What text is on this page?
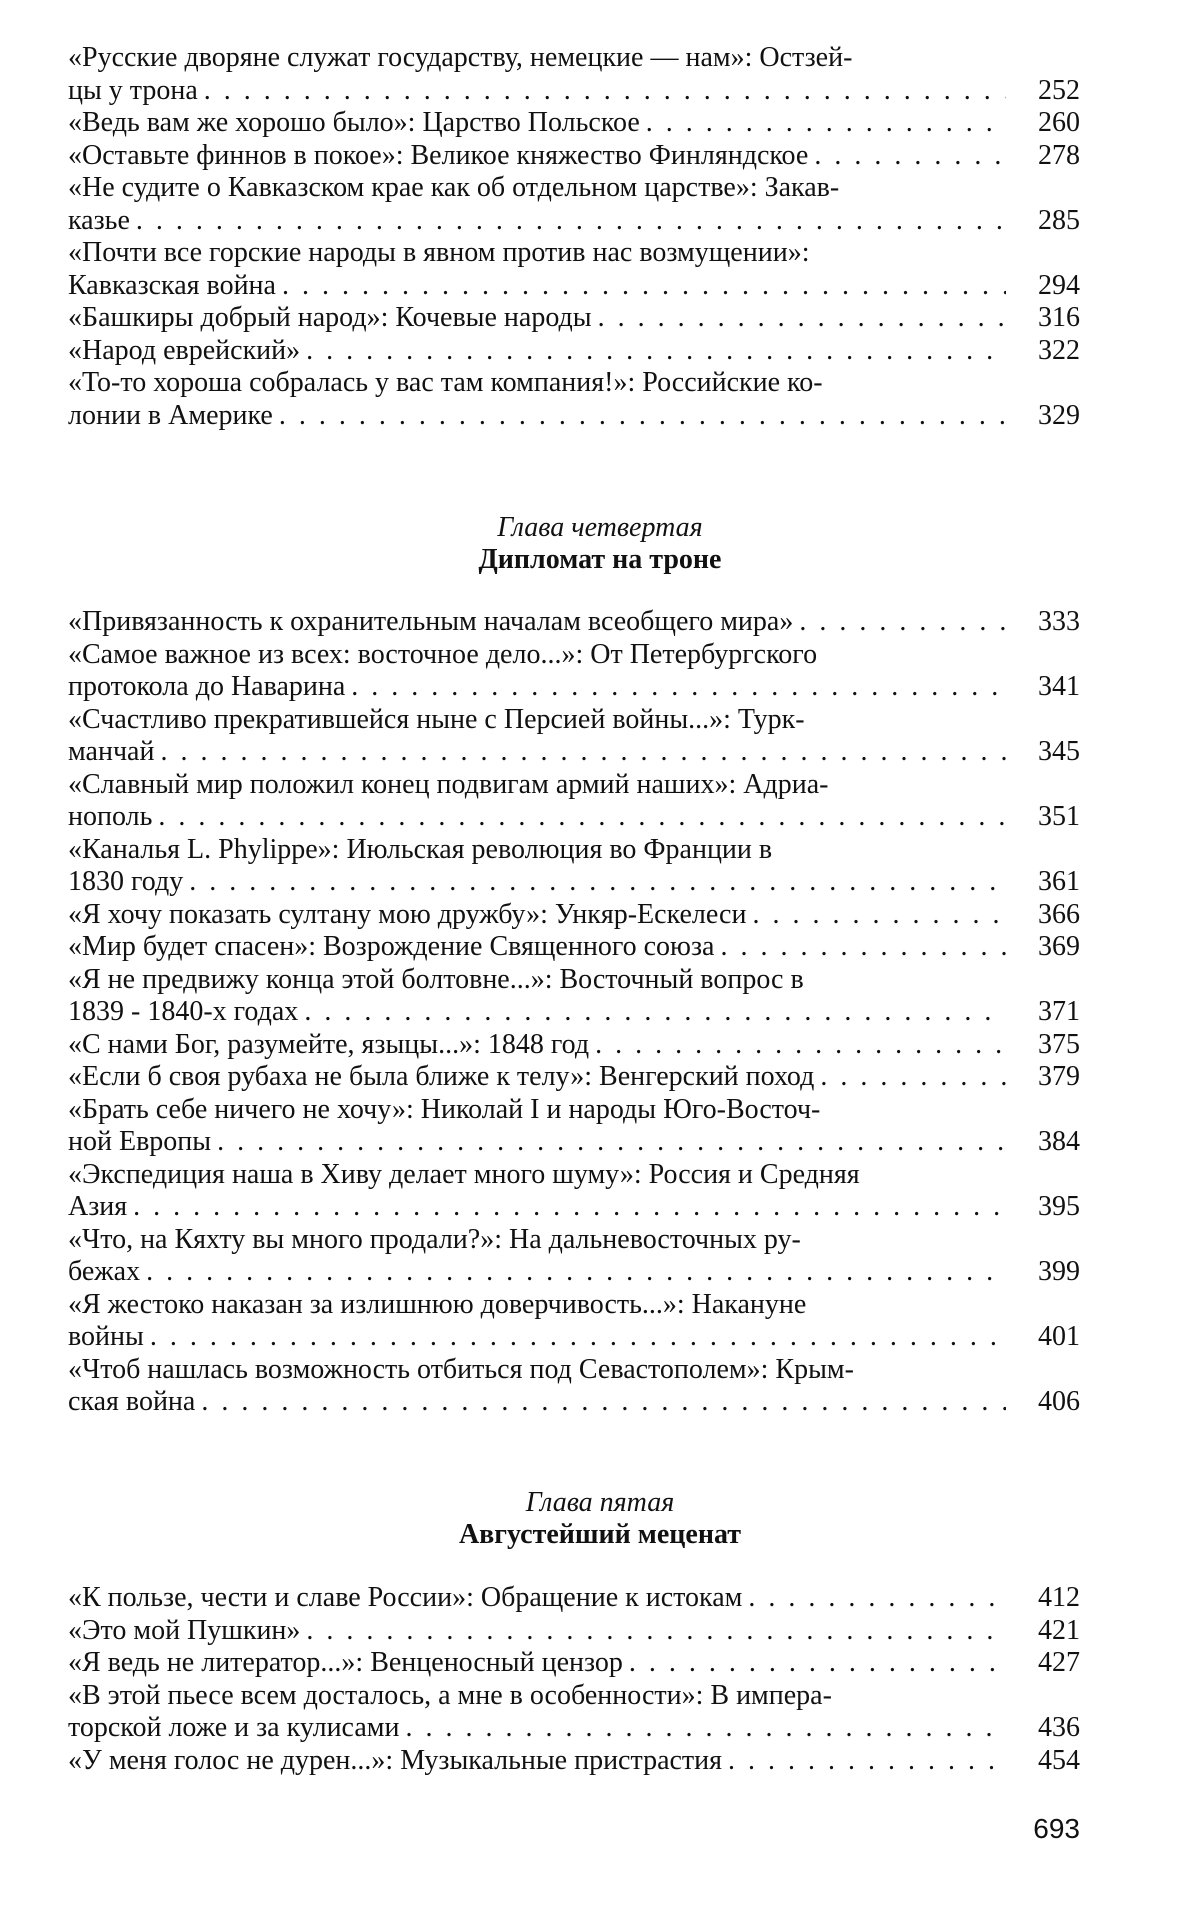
«Русские дворяне служат государству, немецкие — нам»: Остзей-
цы у трона . . .	252
«Ведь вам же хорошо было»: Царство Польское . . .	260
«Оставьте финнов в покое»: Великое княжество Финляндское . . .	278
«Не судите о Кавказском крае как об отдельном царстве»: Закав-
казье . . .	285
«Почти все горские народы в явном против нас возмущении»:
Кавказская война . . .	294
«Башкиры добрый народ»: Кочевые народы . . .	316
«Народ еврейский» . . .	322
«То-то хороша собралась у вас там компания!»: Российские ко-
лонии в Америке . . .	329
Глава четвертая
Дипломат на троне
«Привязанность к охранительным началам всеобщего мира» . . .	333
«Самое важное из всех: восточное дело...»: От Петербургского
протокола до Наварина . . .	341
«Счастливо прекратившейся ныне с Персией войны...»: Турк-
манчай . . .	345
«Славный мир положил конец подвигам армий наших»: Адриа-
нополь . . .	351
«Каналья L. Phylippe»: Июльская революция во Франции в
1830 году . . .	361
«Я хочу показать султану мою дружбу»: Ункяр-Ескелеси . . .	366
«Мир будет спасен»: Возрождение Священного союза . . .	369
«Я не предвижу конца этой болтовне...»: Восточный вопрос в
1839 - 1840-х годах . . .	371
«С нами Бог, разумейте, языцы...»: 1848 год . . .	375
«Если б своя рубаха не была ближе к телу»: Венгерский поход . . .	379
«Брать себе ничего не хочу»: Николай I и народы Юго-Восточ-
ной Европы . . .	384
«Экспедиция наша в Хиву делает много шуму»: Россия и Средняя
Азия . . .	395
«Что, на Кяхту вы много продали?»: На дальневосточных ру-
бежах . . .	399
«Я жестоко наказан за излишнюю доверчивость...»: Накануне
войны . . .	401
«Чтоб нашлась возможность отбиться под Севастополем»: Крым-
ская война . . .	406
Глава пятая
Августейший меценат
«К пользе, чести и славе России»: Обращение к истокам . . .	412
«Это мой Пушкин» . . .	421
«Я ведь не литератор...»: Венценосный цензор . . .	427
«В этой пьесе всем досталось, а мне в особенности»: В импера-
торской ложе и за кулисами . . .	436
«У меня голос не дурен...»: Музыкальные пристрастия . . .	454
693
